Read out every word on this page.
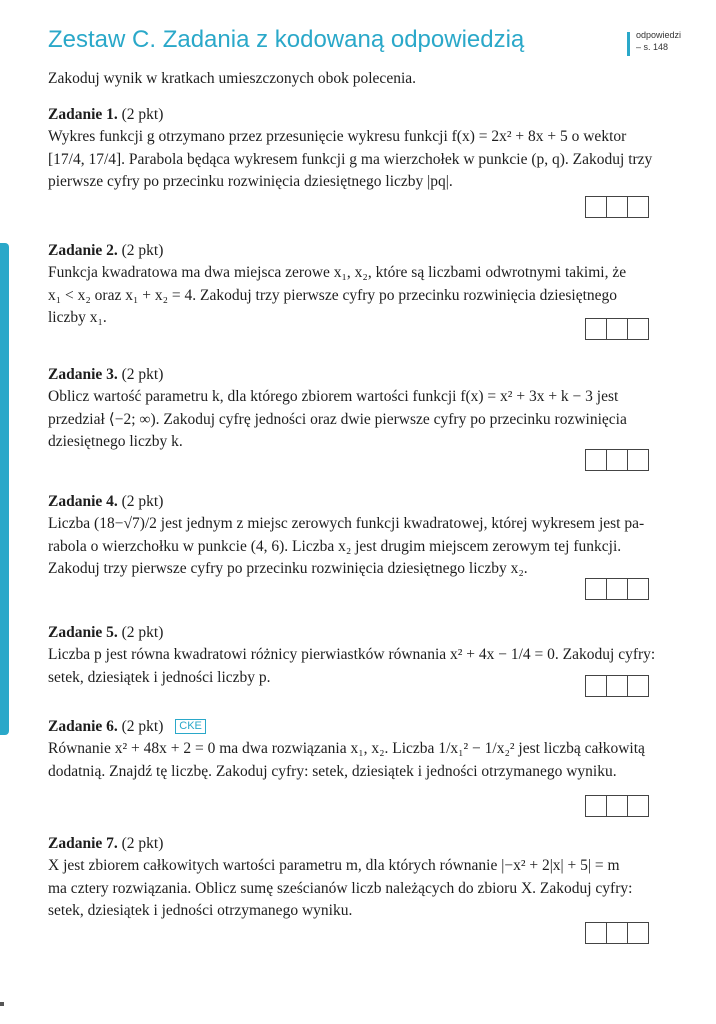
Zestaw C. Zadania z kodowaną odpowiedzią	odpowiedzi
– s. 148

Zakoduj wynik w kratkach umieszczonych obok polecenia.

Zadanie 1. (2 pkt)

Wykres funkcji g otrzymano przez przesunięcie wykresu funkcji f(x) = 2x² + 8x + 5 o wektor
[17/4, 17/4]. Parabola będąca wykresem funkcji g ma wierzchołek w punkcie (p, q). Zakoduj trzy
pierwsze cyfry po przecinku rozwinięcia dziesiętnego liczby |pq|.

Zadanie 2. (2 pkt)

Funkcja kwadratowa ma dwa miejsca zerowe x₁, x₂, które są liczbami odwrotnymi takimi, że
x₁ < x₂ oraz x₁ + x₂ = 4. Zakoduj trzy pierwsze cyfry po przecinku rozwinięcia dziesiętnego
liczby x₁.

Zadanie 3. (2 pkt)

Oblicz wartość parametru k, dla którego zbiorem wartości funkcji f(x) = x² + 3x + k − 3 jest
przedział ⟨−2; ∞). Zakoduj cyfrę jedności oraz dwie pierwsze cyfry po przecinku rozwinięcia
dziesiętnego liczby k.

Zadanie 4. (2 pkt)

Liczba (18−√7)/2 jest jednym z miejsc zerowych funkcji kwadratowej, której wykresem jest pa-
rabola o wierzchołku w punkcie (4, 6). Liczba x₂ jest drugim miejscem zerowym tej funkcji.
Zakoduj trzy pierwsze cyfry po przecinku rozwinięcia dziesiętnego liczby x₂.

Zadanie 5. (2 pkt)

Liczba p jest równa kwadratowi różnicy pierwiastków równania x² + 4x − 1/4 = 0. Zakoduj cyfry:
setek, dziesiątek i jedności liczby p.

Zadanie 6. (2 pkt) CKE

Równanie x² + 48x + 2 = 0 ma dwa rozwiązania x₁, x₂. Liczba 1/x₁² − 1/x₂² jest liczbą całkowitą
dodatnią. Znajdź tę liczbę. Zakoduj cyfry: setek, dziesiątek i jedności otrzymanego wyniku.

Zadanie 7. (2 pkt)

X jest zbiorem całkowitych wartości parametru m, dla których równanie |−x² + 2|x| + 5| = m
ma cztery rozwiązania. Oblicz sumę sześcianów liczb należących do zbioru X. Zakoduj cyfry:
setek, dziesiątek i jedności otrzymanego wyniku.
